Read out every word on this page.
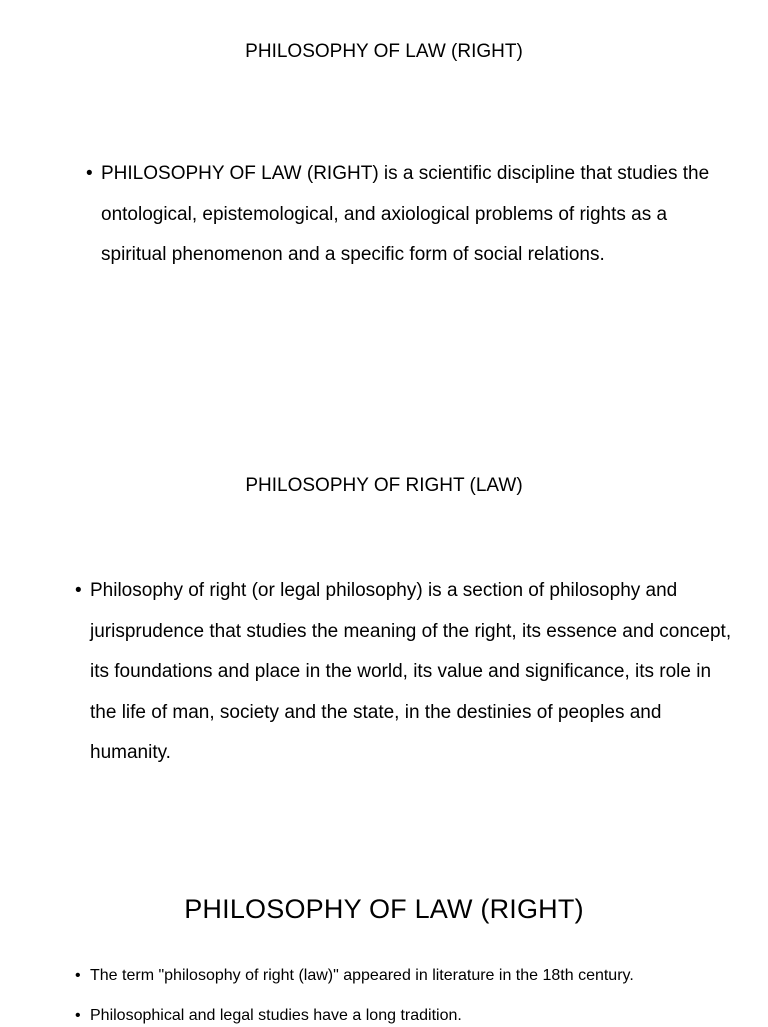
PHILOSOPHY OF LAW (RIGHT)
• PHILOSOPHY OF LAW (RIGHT) is a scientific discipline that studies the ontological, epistemological, and axiological problems of rights as a spiritual phenomenon and a specific form of social relations.
PHILOSOPHY OF RIGHT (LAW)
• Philosophy of right (or legal philosophy) is a section of philosophy and jurisprudence that studies the meaning of the right, its essence and concept, its foundations and place in the world, its value and significance, its role in the life of man, society and the state, in the destinies of peoples and humanity.
PHILOSOPHY OF LAW (RIGHT)
• The term "philosophy of right (law)" appeared in literature in the 18th century.
• Philosophical and legal studies have a long tradition.
